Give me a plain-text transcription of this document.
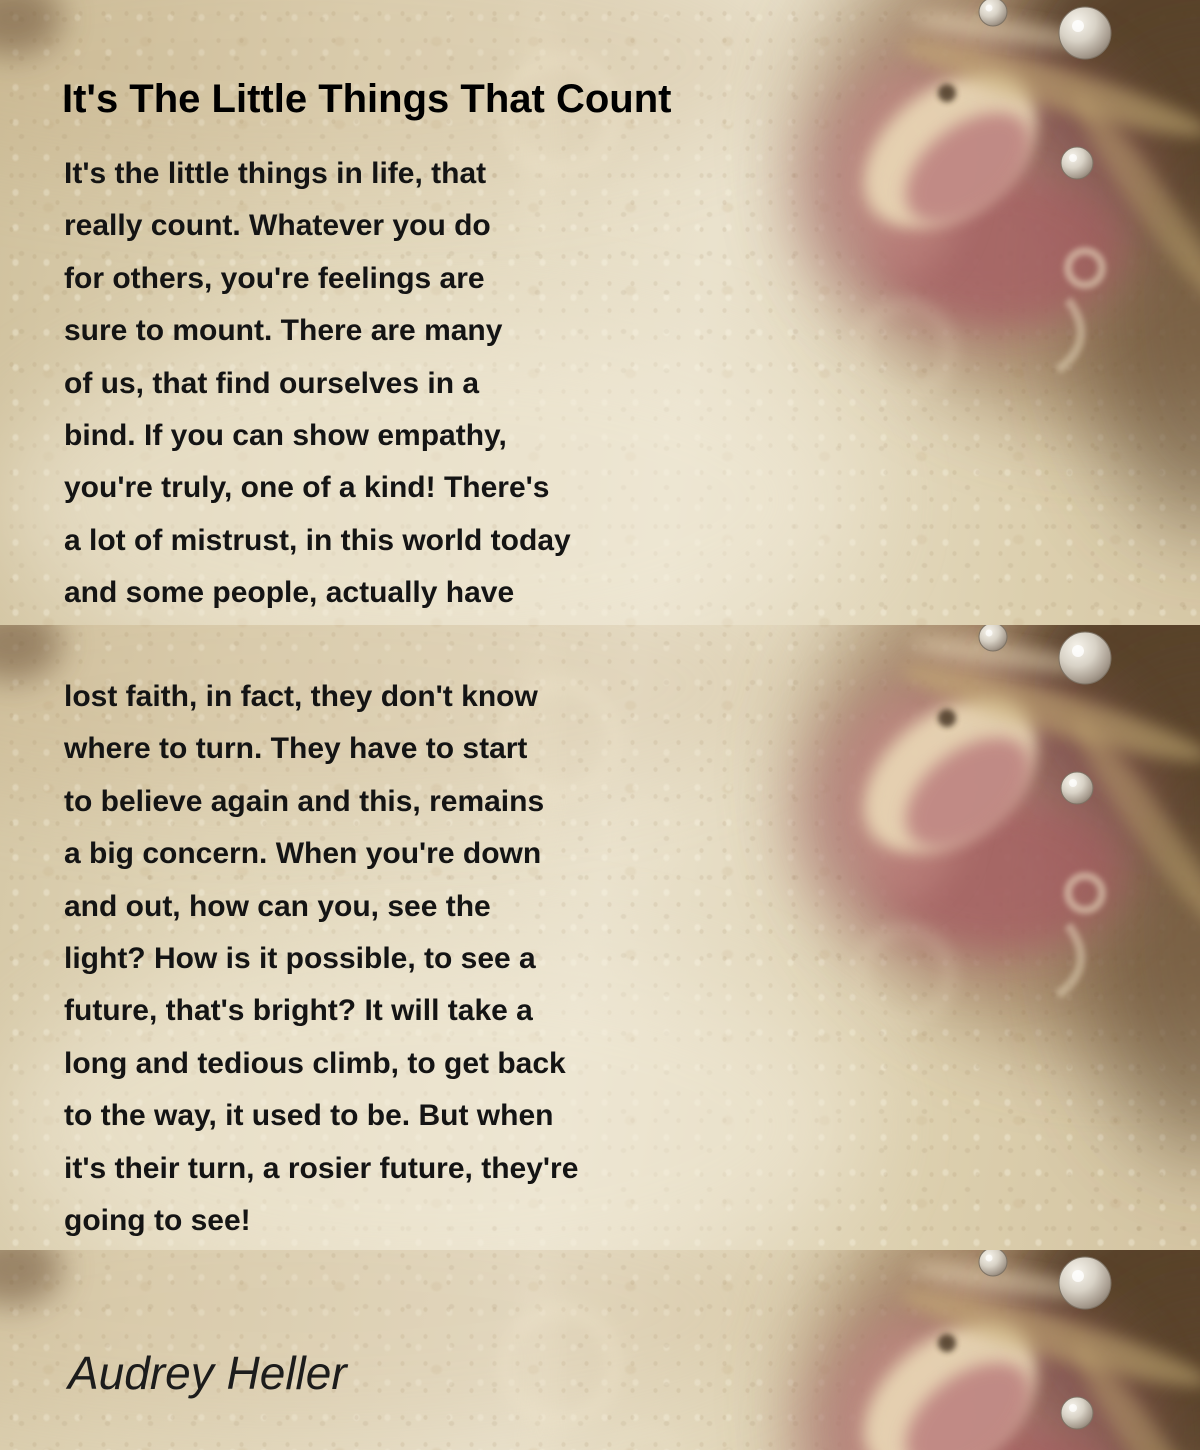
It's The Little Things That Count
It's the little things in life, that
really count. Whatever you do
for others, you're feelings are
sure to mount. There are many
of us, that find ourselves in a
bind. If you can show empathy,
you're truly, one of a kind! There's
a lot of mistrust, in this world today
and some people, actually have
lost faith, in fact, they don't know
where to turn. They have to start
to believe again and this, remains
a big concern. When you're down
and out, how can you, see the
light? How is it possible, to see a
future, that's bright? It will take a
long and tedious climb, to get back
to the way, it used to be. But when
it's their turn, a rosier future, they're
going to see!
Audrey Heller
